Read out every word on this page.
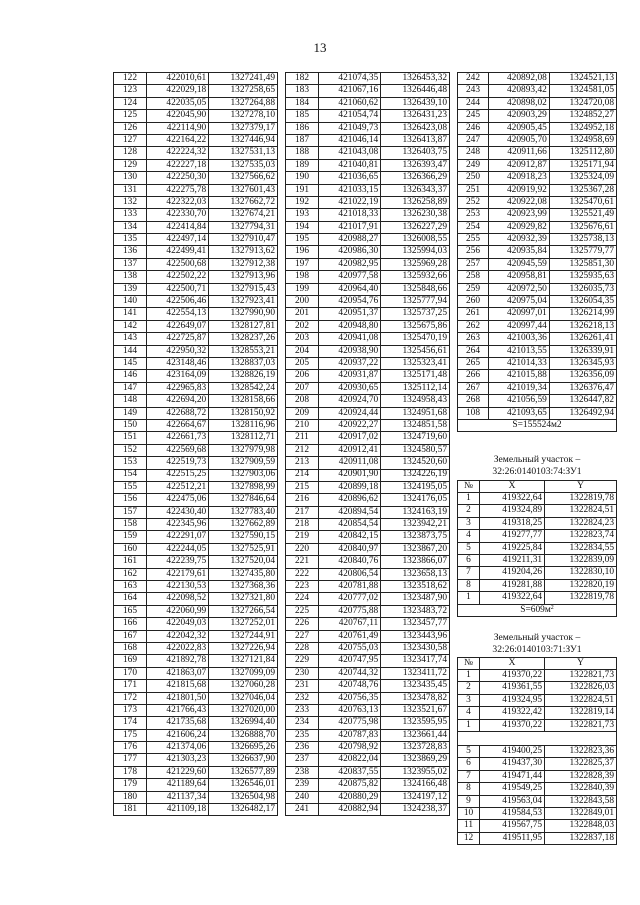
13
122	422010,61	1327241,49
123	422029,18	1327258,65
124	422035,05	1327264,88
125	422045,90	1327278,10
126	422114,90	1327379,17
127	422164,22	1327446,94
128	422224,32	1327531,13
129	422227,18	1327535,03
130	422250,30	1327566,62
131	422275,78	1327601,43
132	422322,03	1327662,72
133	422330,70	1327674,21
134	422414,84	1327794,31
135	422497,14	1327910,47
136	422499,41	1327913,62
137	422500,68	1327912,38
138	422502,22	1327913,96
139	422500,71	1327915,43
140	422506,46	1327923,41
141	422554,13	1327990,90
142	422649,07	1328127,81
143	422725,87	1328237,26
144	422950,32	1328553,21
145	423148,46	1328837,03
146	423164,09	1328826,19
147	422965,83	1328542,24
148	422694,20	1328158,66
149	422688,72	1328150,92
150	422664,67	1328116,96
151	422661,73	1328112,71
152	422569,68	1327979,98
153	422519,73	1327909,59
154	422515,25	1327903,06
155	422512,21	1327898,99
156	422475,06	1327846,64
157	422430,40	1327783,40
158	422345,96	1327662,89
159	422291,07	1327590,15
160	422244,05	1327525,91
161	422239,75	1327520,04
162	422179,61	1327435,80
163	422130,53	1327368,36
164	422098,52	1327321,80
165	422060,99	1327266,54
166	422049,03	1327252,01
167	422042,32	1327244,91
168	422022,83	1327226,94
169	421892,78	1327121,84
170	421863,07	1327099,09
171	421815,68	1327060,28
172	421801,50	1327046,04
173	421766,43	1327020,00
174	421735,68	1326994,40
175	421606,24	1326888,70
176	421374,06	1326695,26
177	421303,23	1326637,90
178	421229,60	1326577,89
179	421189,64	1326546,01
180	421137,34	1326504,98
181	421109,18	1326482,17
182	421074,35	1326453,32
183	421067,16	1326446,48
184	421060,62	1326439,10
185	421054,74	1326431,23
186	421049,73	1326423,08
187	421046,14	1326413,87
188	421043,08	1326403,75
189	421040,81	1326393,47
190	421036,65	1326366,29
191	421033,15	1326343,37
192	421022,19	1326258,89
193	421018,33	1326230,38
194	421017,91	1326227,29
195	420988,27	1326008,55
196	420986,30	1325994,03
197	420982,95	1325969,28
198	420977,58	1325932,66
199	420964,40	1325848,66
200	420954,76	1325777,94
201	420951,37	1325737,25
202	420948,80	1325675,86
203	420941,08	1325470,19
204	420938,90	1325456,61
205	420937,22	1325323,41
206	420931,87	1325171,48
207	420930,65	1325112,14
208	420924,70	1324958,43
209	420924,44	1324951,68
210	420922,27	1324851,58
211	420917,02	1324719,60
212	420912,41	1324580,57
213	420911,08	1324520,60
214	420901,90	1324226,19
215	420899,18	1324195,05
216	420896,62	1324176,05
217	420894,54	1324163,19
218	420854,54	1323942,21
219	420842,15	1323873,75
220	420840,97	1323867,20
221	420840,76	1323866,07
222	420806,54	1323658,13
223	420781,88	1323518,62
224	420777,02	1323487,90
225	420775,88	1323483,72
226	420767,11	1323457,77
227	420761,49	1323443,96
228	420755,03	1323430,58
229	420747,95	1323417,74
230	420744,32	1323411,72
231	420748,76	1323435,45
232	420756,35	1323478,82
233	420763,13	1323521,67
234	420775,98	1323595,95
235	420787,83	1323661,44
236	420798,92	1323728,83
237	420822,04	1323869,29
238	420837,55	1323955,02
239	420875,82	1324166,48
240	420880,29	1324197,12
241	420882,94	1324238,37
242	420892,08	1324521,13
243	420893,42	1324581,05
244	420898,02	1324720,08
245	420903,29	1324852,27
246	420905,45	1324952,18
247	420905,70	1324958,69
248	420911,66	1325112,80
249	420912,87	1325171,94
250	420918,23	1325324,09
251	420919,92	1325367,28
252	420922,08	1325470,61
253	420923,99	1325521,49
254	420929,82	1325676,61
255	420932,39	1325738,13
256	420935,84	1325779,77
257	420945,59	1325851,30
258	420958,81	1325935,63
259	420972,50	1326035,73
260	420975,04	1326054,35
261	420997,01	1326214,99
262	420997,44	1326218,13
263	421003,36	1326261,41
264	421013,55	1326339,91
265	421014,33	1326345,93
266	421015,88	1326356,09
267	421019,34	1326376,47
268	421056,59	1326447,82
108	421093,65	1326492,94
S=155524м2		
Земельный участок –
32:26:0140103:74:ЗУ1
№	X	Y
1	419322,64	1322819,78
2	419324,89	1322824,51
3	419318,25	1322824,23
4	419277,77	1322823,74
5	419225,84	1322834,55
6	419211,31	1322839,09
7	419204,26	1322830,10
8	419281,88	1322820,19
1	419322,64	1322819,78
$S=609м^2$
Земельный участок –
32:26:0140103:71:ЗУ1
№	X	Y
1	419370,22	1322821,73
2	419361,55	1322826,03
3	419324,95	1322824,51
4	419322,42	1322819,14
1	419370,22	1322821,73

5	419400,25	1322823,36
6	419437,30	1322825,37
7	419471,44	1322828,39
8	419549,25	1322840,39
9	419563,04	1322843,58
10	419584,53	1322849,01
11	419567,75	1322848,03
12	419511,95	1322837,18
